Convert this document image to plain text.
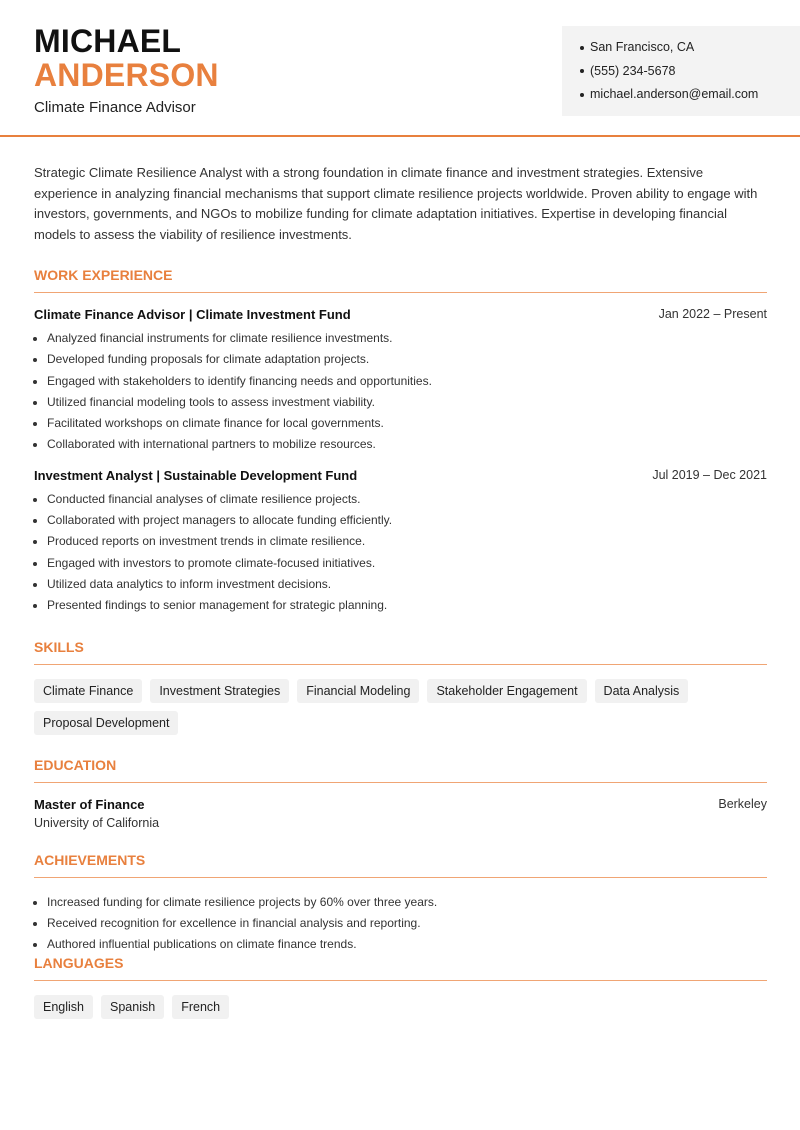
MICHAEL
ANDERSON
Climate Finance Advisor
San Francisco, CA
(555) 234-5678
michael.anderson@email.com

Strategic Climate Resilience Analyst with a strong foundation in climate finance and investment strategies. Extensive experience in analyzing financial mechanisms that support climate resilience projects worldwide. Proven ability to engage with investors, governments, and NGOs to mobilize funding for climate adaptation initiatives. Expertise in developing financial models to assess the viability of resilience investments.

WORK EXPERIENCE
Climate Finance Advisor | Climate Investment Fund	Jan 2022 – Present
• Analyzed financial instruments for climate resilience investments.
• Developed funding proposals for climate adaptation projects.
• Engaged with stakeholders to identify financing needs and opportunities.
• Utilized financial modeling tools to assess investment viability.
• Facilitated workshops on climate finance for local governments.
• Collaborated with international partners to mobilize resources.
Investment Analyst | Sustainable Development Fund	Jul 2019 – Dec 2021
• Conducted financial analyses of climate resilience projects.
• Collaborated with project managers to allocate funding efficiently.
• Produced reports on investment trends in climate resilience.
• Engaged with investors to promote climate-focused initiatives.
• Utilized data analytics to inform investment decisions.
• Presented findings to senior management for strategic planning.
SKILLS
Climate Finance	Investment Strategies	Financial Modeling	Stakeholder Engagement	Data Analysis
Proposal Development
EDUCATION
Master of Finance	Berkeley
University of California
ACHIEVEMENTS
• Increased funding for climate resilience projects by 60% over three years.
• Received recognition for excellence in financial analysis and reporting.
• Authored influential publications on climate finance trends.
LANGUAGES
English	Spanish	French
